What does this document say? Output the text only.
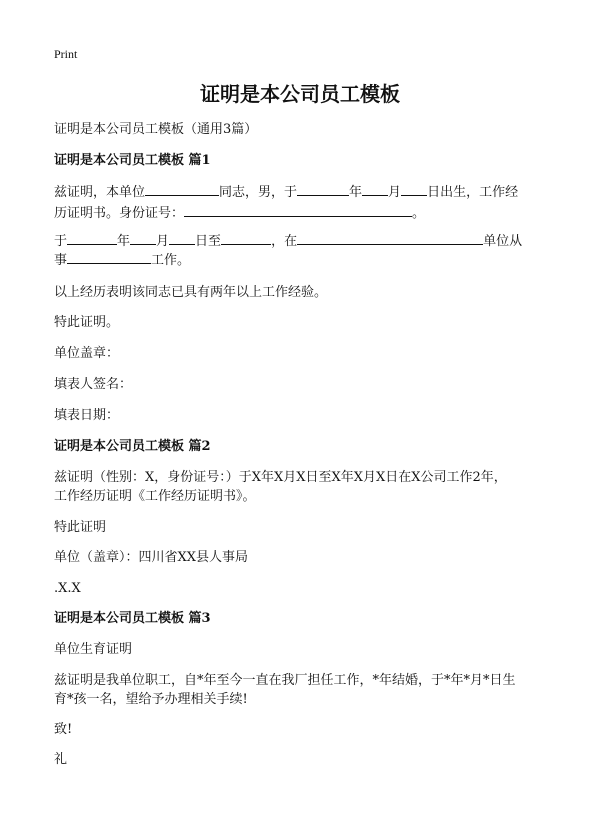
Print
证明是本公司员工模板
证明是本公司员工模板（通用3篇）
证明是本公司员工模板 篇1
兹证明，本单位	同志，男，于	年 月 日出生，工作经
历证明书。身份证号：	。
于	年 月 日至	，在	单位从
事	工作。
以上经历表明该同志已具有两年以上工作经验。
特此证明。
单位盖章：
填表人签名：
填表日期：
证明是本公司员工模板 篇2
兹证明（性别：X，身份证号：）于X年X月X日至X年X月X日在X公司工作2年，
工作经历证明《工作经历证明书》。
特此证明
单位（盖章）：四川省XX县人事局
.X.X
证明是本公司员工模板 篇3
单位生育证明
兹证明是我单位职工，自*年至今一直在我厂担任工作，*年结婚，于*年*月*日生
育*孩一名，望给予办理相关手续!
致!
礼
